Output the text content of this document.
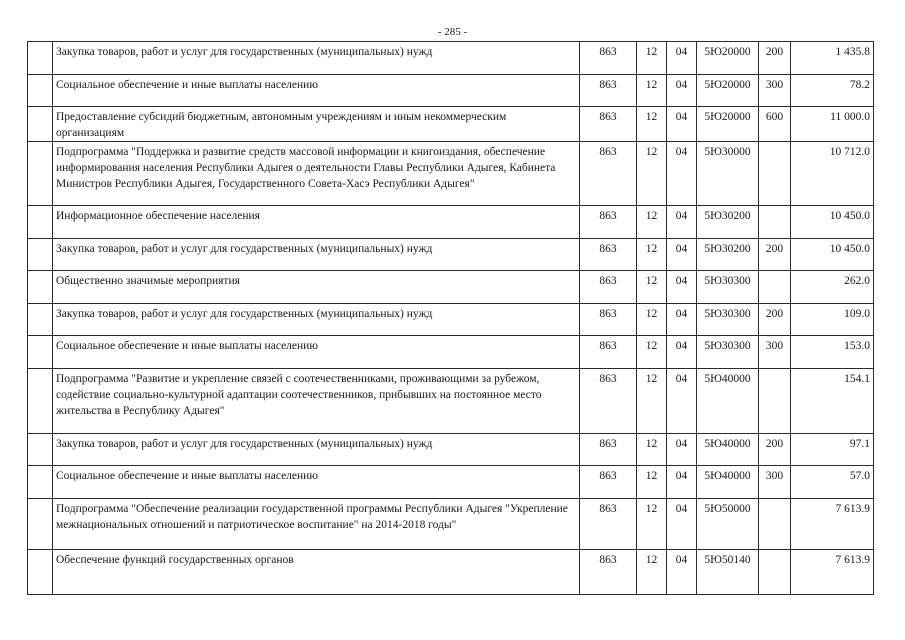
- 285 -
	Закупка товаров, работ и услуг для государственных (муниципальных) нужд	863	12	04	5Ю20000	200	1 435.8
	Социальное обеспечение и иные выплаты населению	863	12	04	5Ю20000	300	78.2
	Предоставление субсидий бюджетным, автономным учреждениям и иным некоммерческим организациям	863	12	04	5Ю20000	600	11 000.0
	Подпрограмма "Поддержка и развитие средств массовой информации и книгоиздания, обеспечение информирования населения Республики Адыгея о деятельности Главы Республики Адыгея, Кабинета Министров Республики Адыгея, Государственного Совета-Хасэ Республики Адыгея"	863	12	04	5Ю30000		10 712.0
	Информационное обеспечение населения	863	12	04	5Ю30200		10 450.0
	Закупка товаров, работ и услуг для государственных (муниципальных) нужд	863	12	04	5Ю30200	200	10 450.0
	Общественно значимые мероприятия	863	12	04	5Ю30300		262.0
	Закупка товаров, работ и услуг для государственных (муниципальных) нужд	863	12	04	5Ю30300	200	109.0
	Социальное обеспечение и иные выплаты населению	863	12	04	5Ю30300	300	153.0
	Подпрограмма "Развитие и укрепление связей с соотечественниками, проживающими за рубежом, содействие социально-культурной адаптации соотечественников, прибывших на постоянное место жительства в Республику Адыгея"	863	12	04	5Ю40000		154.1
	Закупка товаров, работ и услуг для государственных (муниципальных) нужд	863	12	04	5Ю40000	200	97.1
	Социальное обеспечение и иные выплаты населению	863	12	04	5Ю40000	300	57.0
	Подпрограмма "Обеспечение реализации государственной программы Республики Адыгея "Укрепление межнациональных отношений и патриотическое воспитание" на 2014-2018 годы"	863	12	04	5Ю50000		7 613.9
	Обеспечение функций государственных органов	863	12	04	5Ю50140		7 613.9
